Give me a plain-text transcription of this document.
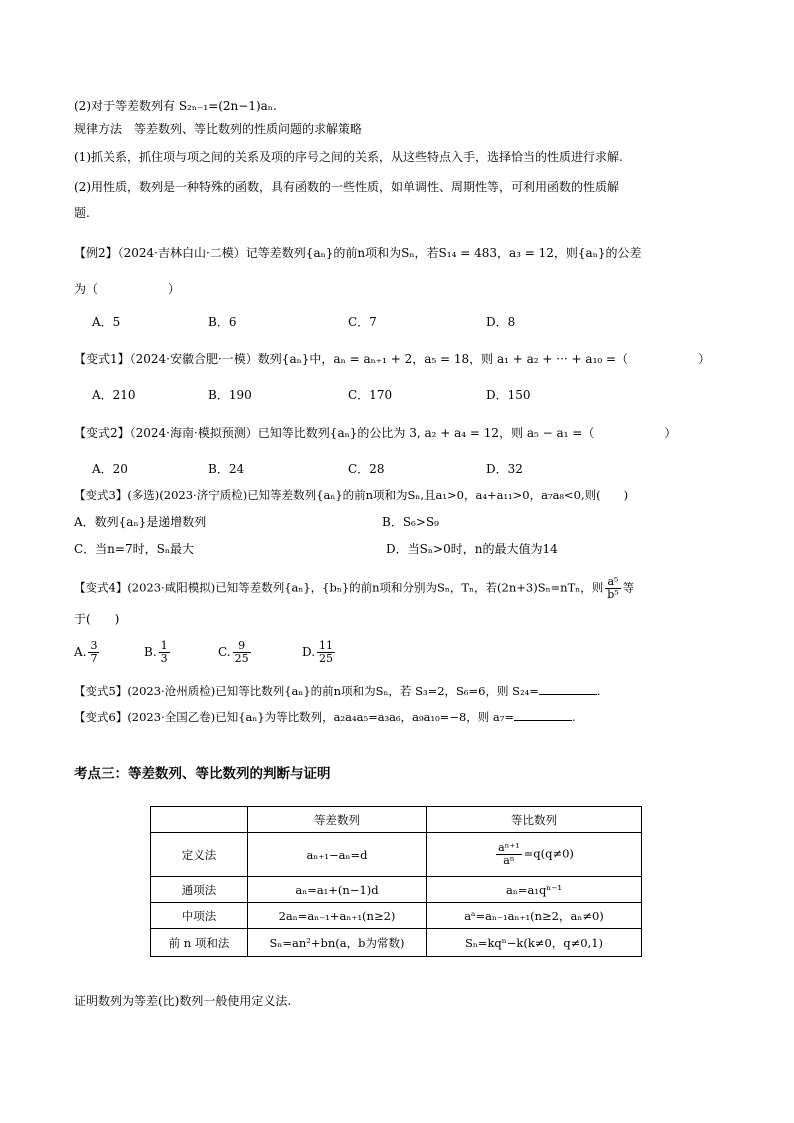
(2)对于等差数列有 S₂ₙ₋₁=(2n−1)aₙ.
规律方法　等差数列、等比数列的性质问题的求解策略
(1)抓关系，抓住项与项之间的关系及项的序号之间的关系，从这些特点入手，选择恰当的性质进行求解.
(2)用性质，数列是一种特殊的函数，具有函数的一些性质，如单调性、周期性等，可利用函数的性质解
题.
【例2】（2024·吉林白山·二模）记等差数列{aₙ}的前n项和为Sₙ，若S₁₄ = 483，a₃ = 12，则{aₙ}的公差
为（	）
A．5	B．6	C．7	D．8
【变式1】（2024·安徽合肥·一模）数列{aₙ}中，aₙ = aₙ₊₁ + 2，a₅ = 18，则 a₁ + a₂ + ··· + a₁₀ =（	）
A．210	B．190	C．170	D．150
【变式2】（2024·海南·模拟预测）已知等比数列{aₙ}的公比为 3, a₂ + a₄ = 12，则 a₅ − a₁ =（	）
A．20	B．24	C．28	D．32
【变式3】(多选)(2023·济宁质检)已知等差数列{aₙ}的前n项和为Sₙ,且a₁>0，a₄+a₁₁>0，a₇a₈<0,则(　　)
A．数列{aₙ}是递增数列	B．S₆>S₉
C．当n=7时，Sₙ最大	D．当Sₙ>0时，n的最大值为14
【变式4】(2023·咸阳模拟)已知等差数列{aₙ}，{bₙ}的前n项和分别为Sₙ，Tₙ，若(2n+3)Sₙ=nTₙ，则 $\frac{\text{a⁵}}{\text{b⁵}}$ 等
于(　　)
A. $\frac{3}{7}$	B. $\frac{1}{3}$	C. $\frac{9}{25}$	D. $\frac{11}{25}$
【变式5】(2023·沧州质检)已知等比数列{aₙ}的前n项和为Sₙ，若 S₃=2，S₆=6，则 S₂₄=	.
【变式6】(2023·全国乙卷)已知{aₙ}为等比数列，a₂a₄a₅=a₃a₆，a₉a₁₀=−8，则 a₇=	.
考点三：等差数列、等比数列的判断与证明
	等差数列	等比数列
定义法	aₙ₊₁−aₙ=d	$\frac{\text{aⁿ⁺¹}}{\text{aⁿ}} =q(q\ne 0)$
通项法	aₙ=a₁+(n−1)d	aₙ=a₁qⁿ⁻¹
中项法	2aₙ=aₙ₋₁+aₙ₊₁(n≥2)	aᵃ=aₙ₋₁aₙ₊₁(n≥2，aₙ≠0)
前 n 项和法	Sₙ=an²+bn(a，b为常数)	Sₙ=kqⁿ−k(k≠0，q≠0,1)
证明数列为等差(比)数列一般使用定义法.
